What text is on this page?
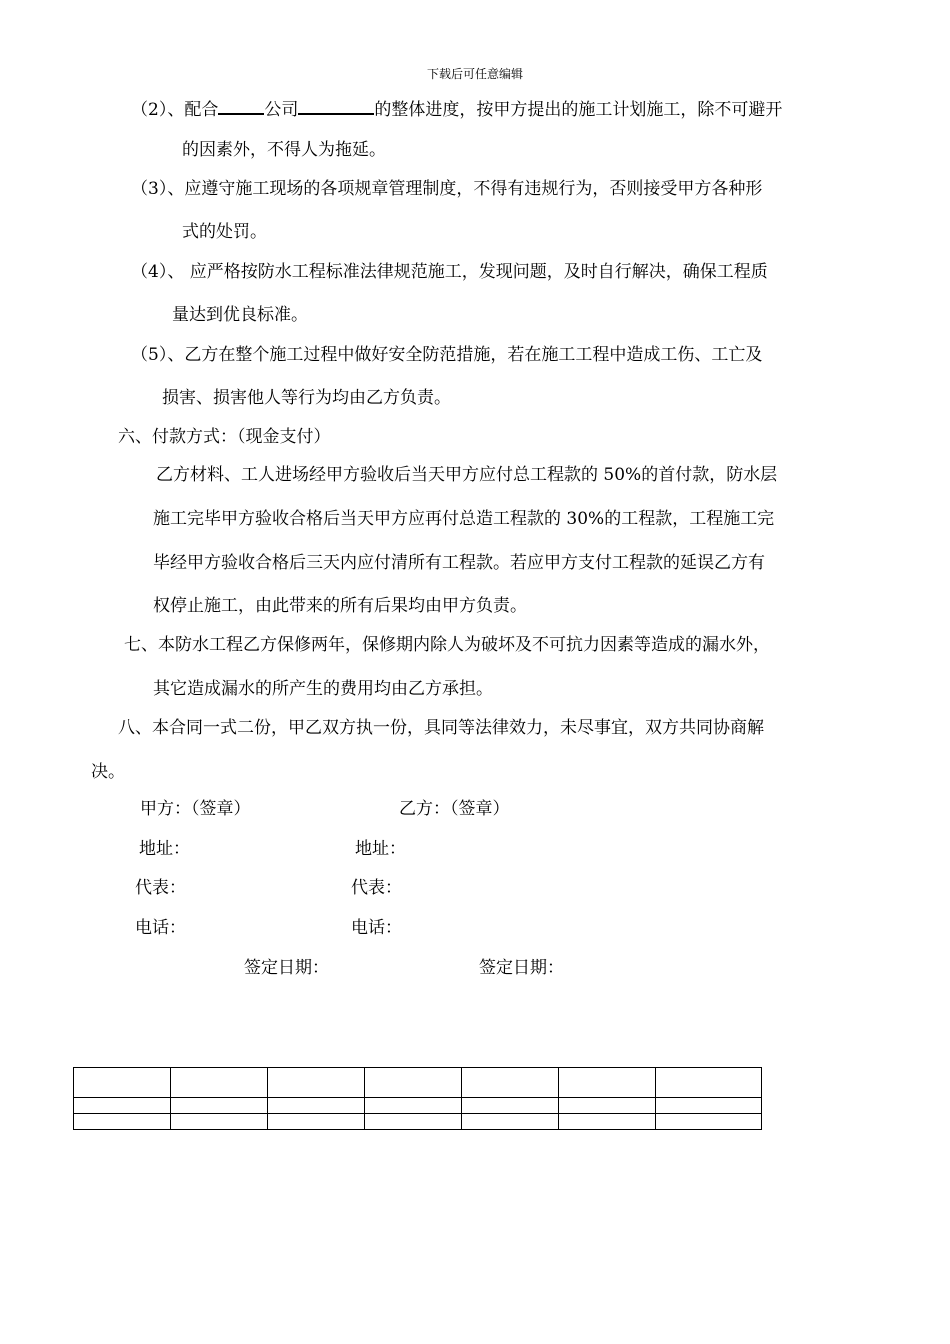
下载后可任意编辑
（2）、配合	公司	的整体进度，按甲方提出的施工计划施工，除不可避开
的因素外，不得人为拖延。
（3）、应遵守施工现场的各项规章管理制度，不得有违规行为，否则接受甲方各种形
式的处罚。
（4）、 应严格按防水工程标准法律规范施工，发现问题，及时自行解决，确保工程质
量达到优良标准。
（5）、乙方在整个施工过程中做好安全防范措施，若在施工工程中造成工伤、工亡及
损害、损害他人等行为均由乙方负责。
六、付款方式：（现金支付）
乙方材料、工人进场经甲方验收后当天甲方应付总工程款的 50%的首付款，防水层
施工完毕甲方验收合格后当天甲方应再付总造工程款的 30%的工程款，工程施工完
毕经甲方验收合格后三天内应付清所有工程款。若应甲方支付工程款的延误乙方有
权停止施工，由此带来的所有后果均由甲方负责。
七、本防水工程乙方保修两年，保修期内除人为破坏及不可抗力因素等造成的漏水外，
其它造成漏水的所产生的费用均由乙方承担。
八、本合同一式二份，甲乙双方执一份，具同等法律效力，未尽事宜，双方共同协商解
决。
甲方：（签章）	乙方：（签章）
地址：	地址：
代表：	代表：
电话：	电话：
签定日期：	签定日期：
